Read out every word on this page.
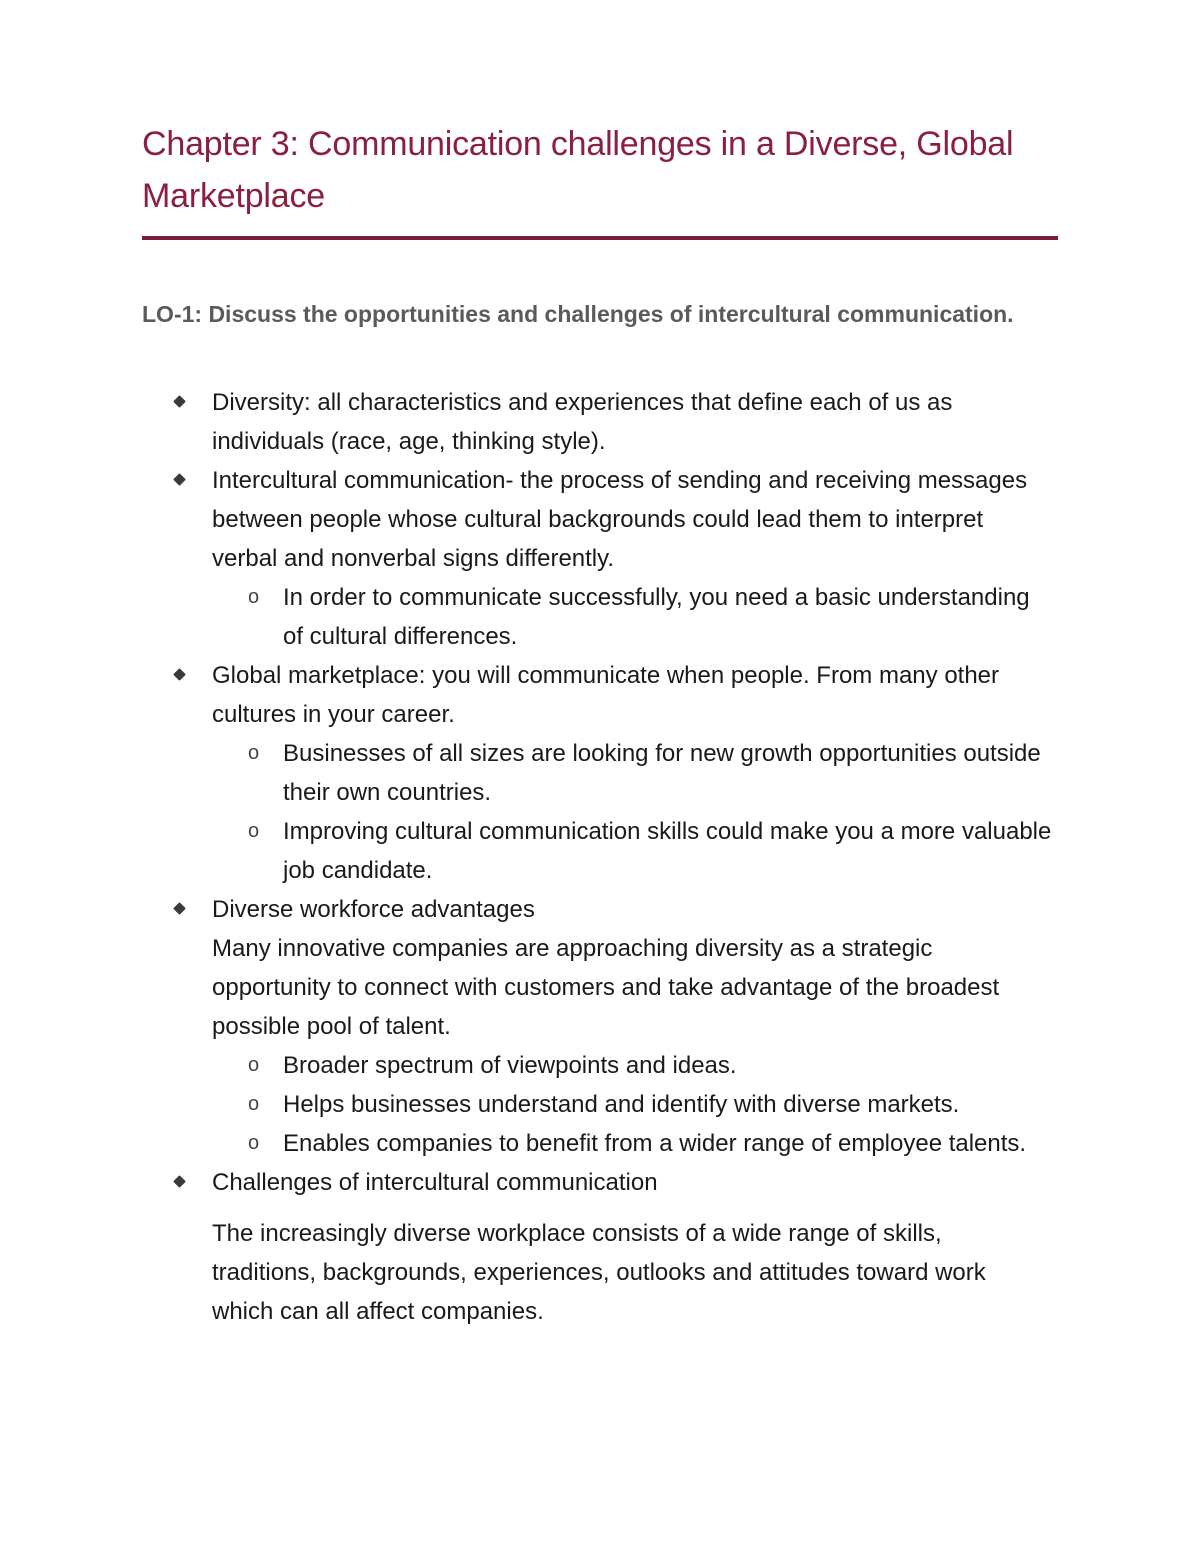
Chapter 3: Communication challenges in a Diverse, Global Marketplace
LO-1: Discuss the opportunities and challenges of intercultural communication.
Diversity: all characteristics and experiences that define each of us as individuals (race, age, thinking style).
Intercultural communication- the process of sending and receiving messages between people whose cultural backgrounds could lead them to interpret verbal and nonverbal signs differently.
o In order to communicate successfully, you need a basic understanding of cultural differences.
Global marketplace: you will communicate when people. From many other cultures in your career.
o Businesses of all sizes are looking for new growth opportunities outside their own countries.
o Improving cultural communication skills could make you a more valuable job candidate.
Diverse workforce advantages
Many innovative companies are approaching diversity as a strategic opportunity to connect with customers and take advantage of the broadest possible pool of talent.
o Broader spectrum of viewpoints and ideas.
o Helps businesses understand and identify with diverse markets.
o Enables companies to benefit from a wider range of employee talents.
Challenges of intercultural communication
The increasingly diverse workplace consists of a wide range of skills, traditions, backgrounds, experiences, outlooks and attitudes toward work which can all affect companies.
